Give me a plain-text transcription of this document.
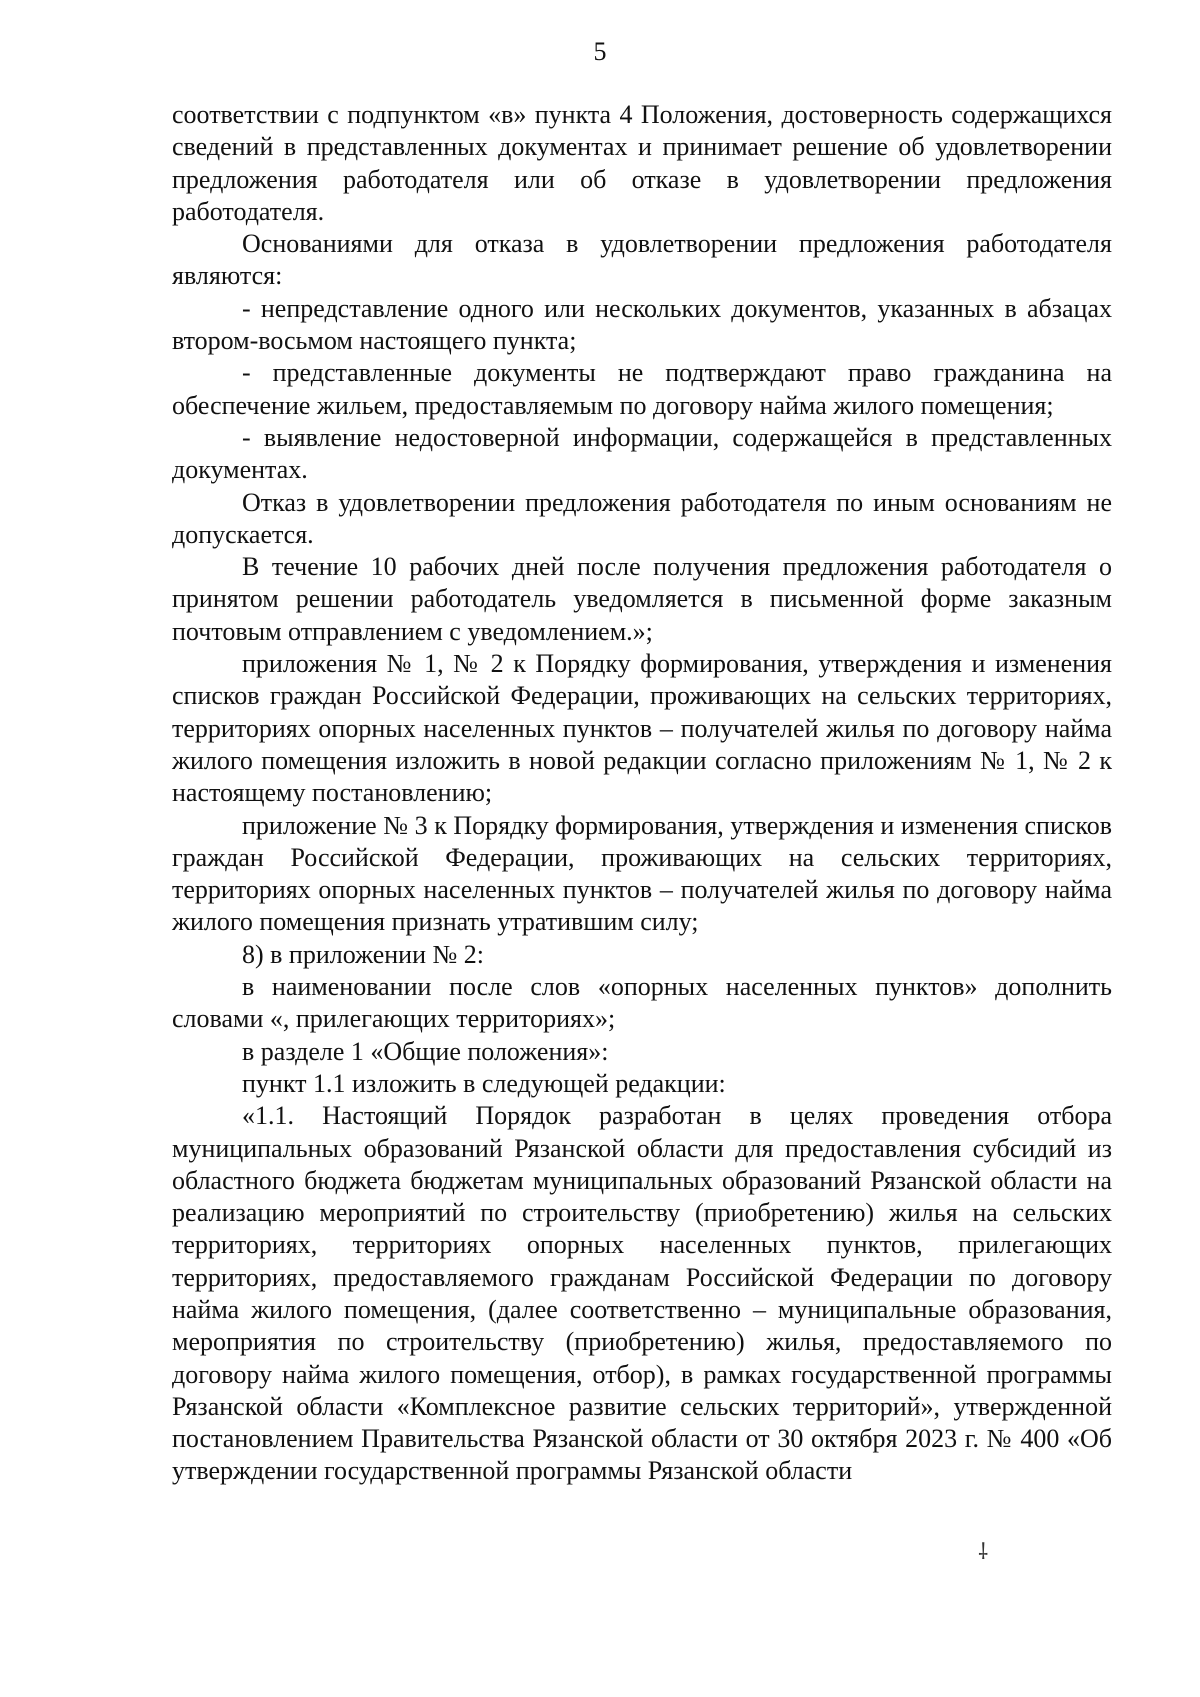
5

соответствии с подпунктом «в» пункта 4 Положения, достоверность содержащихся сведений в представленных документах и принимает решение об удовлетворении предложения работодателя или об отказе в удовлетворении предложения работодателя.

Основаниями для отказа в удовлетворении предложения работодателя являются:

- непредставление одного или нескольких документов, указанных в абзацах втором-восьмом настоящего пункта;

- представленные документы не подтверждают право гражданина на обеспечение жильем, предоставляемым по договору найма жилого помещения;

- выявление недостоверной информации, содержащейся в представленных документах.

Отказ в удовлетворении предложения работодателя по иным основаниям не допускается.

В течение 10 рабочих дней после получения предложения работодателя о принятом решении работодатель уведомляется в письменной форме заказным почтовым отправлением с уведомлением.»;

приложения № 1, № 2 к Порядку формирования, утверждения и изменения списков граждан Российской Федерации, проживающих на сельских территориях, территориях опорных населенных пунктов – получателей жилья по договору найма жилого помещения изложить в новой редакции согласно приложениям № 1, № 2 к настоящему постановлению;

приложение № 3 к Порядку формирования, утверждения и изменения списков граждан Российской Федерации, проживающих на сельских территориях, территориях опорных населенных пунктов – получателей жилья по договору найма жилого помещения признать утратившим силу;

8) в приложении № 2:

в наименовании после слов «опорных населенных пунктов» дополнить словами «, прилегающих территориях»;

в разделе 1 «Общие положения»:

пункт 1.1 изложить в следующей редакции:

«1.1. Настоящий Порядок разработан в целях проведения отбора муниципальных образований Рязанской области для предоставления субсидий из областного бюджета бюджетам муниципальных образований Рязанской области на реализацию мероприятий по строительству (приобретению) жилья на сельских территориях, территориях опорных населенных пунктов, прилегающих территориях, предоставляемого гражданам Российской Федерации по договору найма жилого помещения, (далее соответственно – муниципальные образования, мероприятия по строительству (приобретению) жилья, предоставляемого по договору найма жилого помещения, отбор), в рамках государственной программы Рязанской области «Комплексное развитие сельских территорий», утвержденной постановлением Правительства Рязанской области от 30 октября 2023 г. № 400 «Об утверждении государственной программы Рязанской области

⸸
